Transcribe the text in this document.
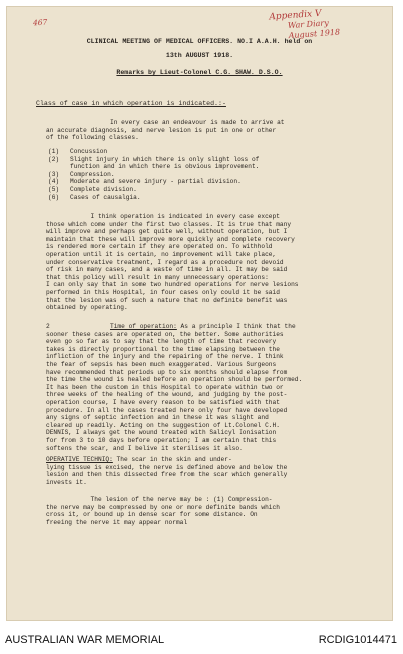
467
Appendix V
War Diary
August 1918
CLINICAL MEETING OF MEDICAL OFFICERS. NO.I A.A.H. held on
13th AUGUST 1918.
Remarks by Lieut-Colonel C.G. SHAW. D.S.O.
Class of case in which operation is indicated.:-
In every case an endeavour is made to arrive at
an accurate diagnosis, and nerve lesion is put in one or other
of the following classes.
(1) Concussion
(2) Slight injury in which there is only slight loss of
function and in which there is obvious improvement.
(3) Compression.
(4) Moderate and severe injury - partial division.
(5) Complete division.
(6) Cases of causalgia.
I think operation is indicated in every case except
those which come under the first two classes. It is true that many
will improve and perhaps get quite well, without operation, but I
maintain that these will improve more quickly and complete recovery
is rendered more certain if they are operated on. To withhold
operation until it is certain, no improvement will take place,
under conservative treatment, I regard as a procedure not devoid
of risk in many cases, and a waste of time in all. It may be said
that this policy will result in many unnecessary operations:
I can only say that in some two hundred operations for nerve lesions
performed in this Hospital, in four cases only could it be said
that the lesion was of such a nature that no definite benefit was
obtained by operating.
2	Time of operation: As a principle I think that the
sooner these cases are operated on, the better. Some authorities
even go so far as to say that the length of time that recovery
takes is directly proportional to the time elapsing between the
infliction of the injury and the repairing of the nerve. I think
the fear of sepsis has been much exaggerated. Various Surgeons
have recommended that periods up to six months should elapse from
the time the wound is healed before an operation should be performed.
It has been the custom in this Hospital to operate within two or
three weeks of the healing of the wound, and judging by the post-
operation course, I have every reason to be satisfied with that
procedure. In all the cases treated here only four have developed
any signs of septic infection and in these it was slight and
cleared up readily. Acting on the suggestion of Lt.Colonel C.H.
DENNIS, I always get the wound treated with Salicyl Ionisation
for from 3 to 10 days before operation; I am certain that this
softens the scar, and I belive it sterilises it also.
OPERATIVE TECHNIQ: The scar in the skin and under-
lying tissue is excised, the nerve is defined above and below the
lesion and then this dissected free from the scar which generally
invests it.
The lesion of the nerve may be : (1) Compression-
the nerve may be compressed by one or more definite bands which
cross it, or bound up in dense scar for some distance. On
freeing the nerve it may appear normal
AUSTRALIAN WAR MEMORIAL	RCDIG1014471
